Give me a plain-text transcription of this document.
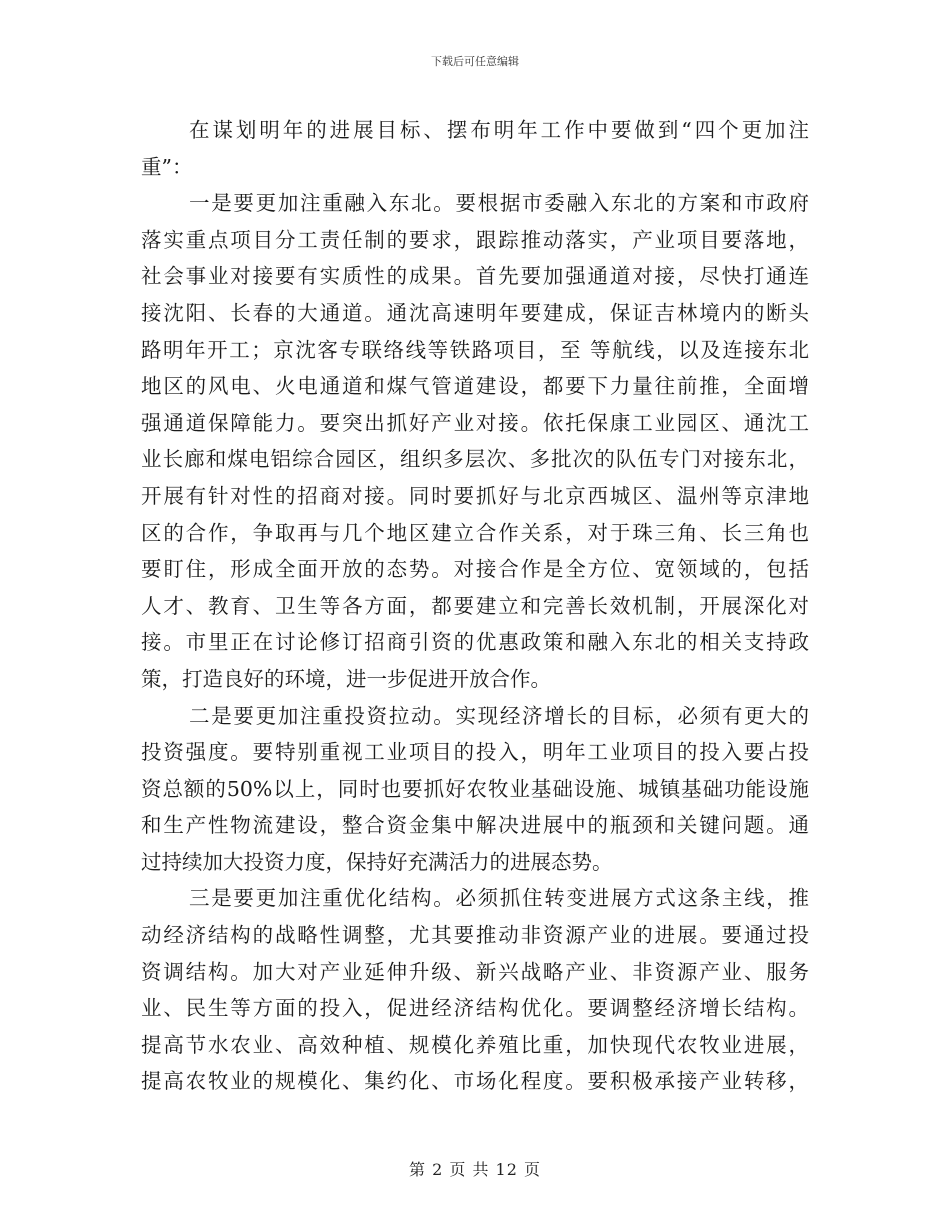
下载后可任意编辑
在谋划明年的进展目标、摆布明年工作中要做到“四个更加注
重”：
一是要更加注重融入东北。要根据市委融入东北的方案和市政府
落实重点项目分工责任制的要求，跟踪推动落实，产业项目要落地，
社会事业对接要有实质性的成果。首先要加强通道对接，尽快打通连
接沈阳、长春的大通道。通沈高速明年要建成，保证吉林境内的断头
路明年开工；京沈客专联络线等铁路项目，至 等航线，以及连接东北
地区的风电、火电通道和煤气管道建设，都要下力量往前推，全面增
强通道保障能力。要突出抓好产业对接。依托保康工业园区、通沈工
业长廊和煤电铝综合园区，组织多层次、多批次的队伍专门对接东北，
开展有针对性的招商对接。同时要抓好与北京西城区、温州等京津地
区的合作，争取再与几个地区建立合作关系，对于珠三角、长三角也
要盯住，形成全面开放的态势。对接合作是全方位、宽领域的，包括
人才、教育、卫生等各方面，都要建立和完善长效机制，开展深化对
接。市里正在讨论修订招商引资的优惠政策和融入东北的相关支持政
策，打造良好的环境，进一步促进开放合作。
二是要更加注重投资拉动。实现经济增长的目标，必须有更大的
投资强度。要特别重视工业项目的投入，明年工业项目的投入要占投
资总额的50%以上，同时也要抓好农牧业基础设施、城镇基础功能设施
和生产性物流建设，整合资金集中解决进展中的瓶颈和关键问题。通
过持续加大投资力度，保持好充满活力的进展态势。
三是要更加注重优化结构。必须抓住转变进展方式这条主线，推
动经济结构的战略性调整，尤其要推动非资源产业的进展。要通过投
资调结构。加大对产业延伸升级、新兴战略产业、非资源产业、服务
业、民生等方面的投入，促进经济结构优化。要调整经济增长结构。
提高节水农业、高效种植、规模化养殖比重，加快现代农牧业进展，
提高农牧业的规模化、集约化、市场化程度。要积极承接产业转移，
第 2 页 共 12 页
